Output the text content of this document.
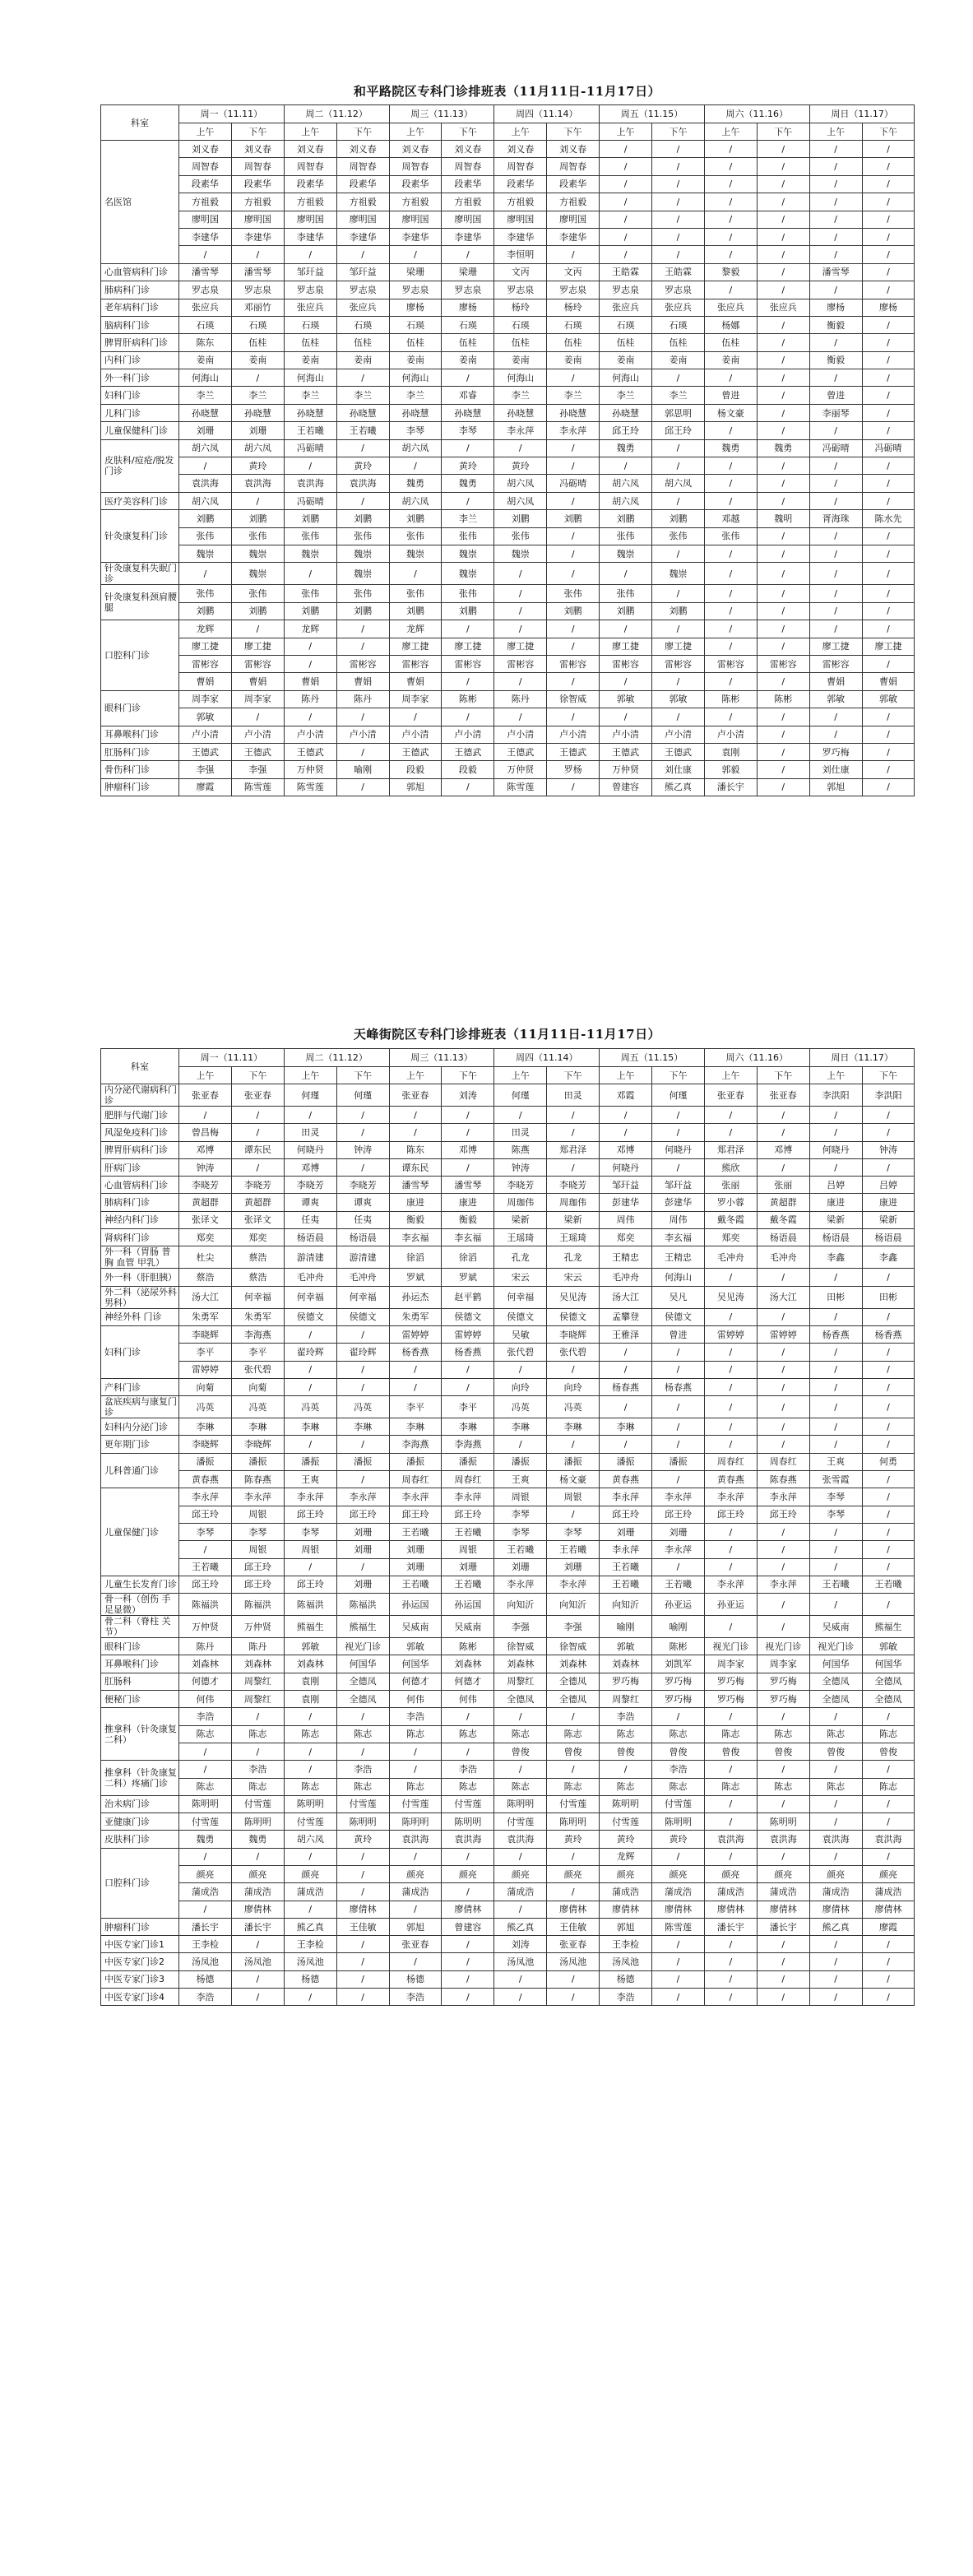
和平路院区专科门诊排班表（11月11日-11月17日）
科室	周一（11.11）		周二（11.12）		周三（11.13）		周四（11.14）		周五（11.15）		周六（11.16）		周日（11.17）	
	上午	下午	上午	下午	上午	下午	上午	下午	上午	下午	上午	下午	上午	下午
名医馆	刘义春	刘义春	刘义春	刘义春	刘义春	刘义春	刘义春	刘义春	/	/	/	/	/	/
	周智春	周智春	周智春	周智春	周智春	周智春	周智春	周智春	/	/	/	/	/	/
	段素华	段素华	段素华	段素华	段素华	段素华	段素华	段素华	/	/	/	/	/	/
	方祖毅	方祖毅	方祖毅	方祖毅	方祖毅	方祖毅	方祖毅	方祖毅	/	/	/	/	/	/
	廖明国	廖明国	廖明国	廖明国	廖明国	廖明国	廖明国	廖明国	/	/	/	/	/	/
	李建华	李建华	李建华	李建华	李建华	李建华	李建华	李建华	/	/	/	/	/	/
	/	/	/	/	/	/	李恒明	/	/	/	/	/	/	/
心血管病科门诊	潘雪琴	潘雪琴	邹玕益	邹玕益	梁珊	梁珊	文丙	文丙	王皓霖	王皓霖	黎毅	/	潘雪琴	/
肺病科门诊	罗志泉	罗志泉	罗志泉	罗志泉	罗志泉	罗志泉	罗志泉	罗志泉	罗志泉	罗志泉	/	/	/	/
老年病科门诊	张应兵	邓丽竹	张应兵	张应兵	廖杨	廖杨	杨玲	杨玲	张应兵	张应兵	张应兵	张应兵	廖杨	廖杨
脑病科门诊	石瑛	石瑛	石瑛	石瑛	石瑛	石瑛	石瑛	石瑛	石瑛	石瑛	杨娜	/	衡毅	/
脾胃肝病科门诊	陈东	伍桂	伍桂	伍桂	伍桂	伍桂	伍桂	伍桂	伍桂	伍桂	伍桂	/	/	/
内科门诊	姜南	姜南	姜南	姜南	姜南	姜南	姜南	姜南	姜南	姜南	姜南	/	衡毅	/
外一科门诊	何海山	/	何海山	/	何海山	/	何海山	/	何海山	/	/	/	/	/
妇科门诊	李兰	李兰	李兰	李兰	李兰	邓睿	李兰	李兰	李兰	李兰	曾进	/	曾进	/
儿科门诊	孙晓慧	孙晓慧	孙晓慧	孙晓慧	孙晓慧	孙晓慧	孙晓慧	孙晓慧	孙晓慧	郭思明	杨文豪	/	李丽琴	/
儿童保健科门诊	刘珊	刘珊	王若曦	王若曦	李琴	李琴	李永萍	李永萍	邱王玲	邱王玲	/	/	/	/
皮肤科/痘疮/脱发门诊	胡六凤	胡六凤	冯砺晴	/	胡六凤	/	/	/	魏勇	/	魏勇	魏勇	冯砺晴	冯砺晴
	/	黄玲	/	黄玲	/	黄玲	黄玲	/	/	/	/	/	/	/
	袁洪海	袁洪海	袁洪海	袁洪海	魏勇	魏勇	胡六凤	冯砺晴	胡六凤	胡六凤	/	/	/	/
医疗美容科门诊	胡六凤	/	冯砺晴	/	胡六凤	/	胡六凤	/	胡六凤	/	/	/	/	/
针灸康复科门诊	刘鹏	刘鹏	刘鹏	刘鹏	刘鹏	李兰	刘鹏	刘鹏	刘鹏	刘鹏	邓越	魏明	胥海珠	陈水先
	张伟	张伟	张伟	张伟	张伟	张伟	张伟	/	张伟	张伟	张伟	/	/	/
	魏崇	魏崇	魏崇	魏崇	魏崇	魏崇	魏崇	/	魏崇	/	/	/	/	/
针灸康复科失眠门诊	/	魏崇	/	魏崇	/	魏崇	/	/	/	魏崇	/	/	/	/
针灸康复科颈肩腰腿	张伟	张伟	张伟	张伟	张伟	张伟	/	张伟	张伟	/	/	/	/	/
	刘鹏	刘鹏	刘鹏	刘鹏	刘鹏	刘鹏	/	刘鹏	刘鹏	刘鹏	/	/	/	/
口腔科门诊	龙辉	/	龙辉	/	龙辉	/	/	/	/	/	/	/	/	/
	廖工捷	廖工捷	/	/	廖工捷	廖工捷	廖工捷	/	廖工捷	廖工捷	/	/	廖工捷	廖工捷
	雷彬容	雷彬容	/	雷彬容	雷彬容	雷彬容	雷彬容	雷彬容	雷彬容	雷彬容	雷彬容	雷彬容	雷彬容	/
	曹娟	曹娟	曹娟	曹娟	曹娟	/	/	/	/	/	/	/	曹娟	曹娟
眼科门诊	周李家	周李家	陈丹	陈丹	周李家	陈彬	陈丹	徐智威	郭敏	郭敏	陈彬	陈彬	郭敏	郭敏
	郭敏	/	/	/	/	/	/	/	/	/	/	/	/	/
耳鼻喉科门诊	卢小清	卢小清	卢小清	卢小清	卢小清	卢小清	卢小清	卢小清	卢小清	卢小清	卢小清	/	/	/
肛肠科门诊	王德武	王德武	王德武	/	王德武	王德武	王德武	王德武	王德武	王德武	袁刚	/	罗巧梅	/
骨伤科门诊	李强	李强	万仲贤	喻刚	段毅	段毅	万仲贤	罗杨	万仲贤	刘仕康	郭毅	/	刘仕康	/
肿瘤科门诊	廖霞	陈雪莲	陈雪莲	/	郭旭	/	陈雪莲	/	曾建容	熊乙真	潘长宇	/	郭旭	/
天峰街院区专科门诊排班表（11月11日-11月17日）
科室	周一（11.11）		周二（11.12）		周三（11.13）		周四（11.14）		周五（11.15）		周六（11.16）		周日（11.17）	
	上午	下午	上午	下午	上午	下午	上午	下午	上午	下午	上午	下午	上午	下午
内分泌代谢病科门诊	张亚春	张亚春	何瑾	何瑾	张亚春	刘涛	何瑾	田灵	邓霞	何瑾	张亚春	张亚春	李洪阳	李洪阳
肥胖与代谢门诊	/	/	/	/	/	/	/	/	/	/	/	/	/	/
风湿免疫科门诊	曾昌梅	/	田灵	/	/	/	田灵	/	/	/	/	/	/	/
脾胃肝病科门诊	邓博	谭东民	何晓丹	钟涛	陈东	邓博	陈燕	郑君泽	邓博	何晓丹	郑君泽	邓博	何晓丹	钟涛
肝病门诊	钟涛	/	邓博	/	谭东民	/	钟涛	/	何晓丹	/	熊欣	/	/	/
心血管病科门诊	李晓芳	李晓芳	李晓芳	李晓芳	潘雪琴	潘雪琴	李晓芳	李晓芳	邹玕益	邹玕益	张丽	张丽	吕婷	吕婷
肺病科门诊	黄超群	黄超群	谭爽	谭爽	康进	康进	周珈伟	周珈伟	彭建华	彭建华	罗小蓉	黄超群	康进	康进
神经内科门诊	张译文	张译文	任夷	任夷	衡毅	衡毅	梁新	梁新	周伟	周伟	戴冬霞	戴冬霞	梁新	梁新
肾病科门诊	郑奕	郑奕	杨语晨	杨语晨	李玄福	李玄福	王瑶琦	王瑶琦	郑奕	李玄福	郑奕	杨语晨	杨语晨	杨语晨
外一科（胃肠 普胸 血管 甲乳）	杜尖	蔡浩	游清建	游清建	徐滔	徐滔	孔龙	孔龙	王精忠	王精忠	毛冲舟	毛冲舟	李鑫	李鑫
外一科（肝胆胰）	蔡浩	蔡浩	毛冲舟	毛冲舟	罗斌	罗斌	宋云	宋云	毛冲舟	何海山	/	/	/	/
外二科（泌尿外科 男科）	汤大江	何幸福	何幸福	何幸福	孙运杰	赵平鹤	何幸福	吴见涛	汤大江	吴凡	吴见涛	汤大江	田彬	田彬
神经外科 门诊	朱勇军	朱勇军	侯德文	侯德文	朱勇军	侯德文	侯德文	侯德文	孟攀登	侯德文	/	/	/	/
妇科门诊	李晓辉	李海燕	/	/	雷婷婷	雷婷婷	吴敏	李晓辉	王雅泽	曾进	雷婷婷	雷婷婷	杨香燕	杨香燕
	李平	李平	翟玲辉	翟玲辉	杨香燕	杨香燕	张代碧	张代碧	/	/	/	/	/	/
	雷婷婷	张代碧	/	/	/	/	/	/	/	/	/	/	/	/
产科门诊	向菊	向菊	/	/	/	/	向玲	向玲	杨春燕	杨春燕	/	/	/	/
盆底疾病与康复门诊	冯英	冯英	冯英	冯英	李平	李平	冯英	冯英	/	/	/	/	/	/
妇科内分泌门诊	李琳	李琳	李琳	李琳	李琳	李琳	李琳	李琳	李琳	/	/	/	/	/
更年期门诊	李晓辉	李晓辉	/	/	李海燕	李海燕	/	/	/	/	/	/	/	/
儿科普通门诊	潘振	潘振	潘振	潘振	潘振	潘振	潘振	潘振	潘振	潘振	周春红	周春红	王爽	何勇
	黄春燕	陈春燕	王爽	/	周春红	周春红	王爽	杨文豪	黄春燕	/	黄春燕	陈春燕	张雪霞	/
儿童保健门诊	李永萍	李永萍	李永萍	李永萍	李永萍	李永萍	周银	周银	李永萍	李永萍	李永萍	李永萍	李琴	/
	邱王玲	周银	邱王玲	邱王玲	邱王玲	邱王玲	李琴	/	邱王玲	邱王玲	邱王玲	邱王玲	李琴	/
	李琴	李琴	李琴	刘珊	王若曦	王若曦	李琴	李琴	刘珊	刘珊	/	/	/	/
	/	周银	周银	刘珊	刘珊	周银	王若曦	王若曦	李永萍	李永萍	/	/	/	/
	王若曦	邱王玲	/	/	刘珊	刘珊	刘珊	刘珊	王若曦	/	/	/	/	/
儿童生长发育门诊	邱王玲	邱王玲	邱王玲	刘珊	王若曦	王若曦	李永萍	李永萍	王若曦	王若曦	李永萍	李永萍	王若曦	王若曦
骨一科（创伤 手足显微）	陈福洪	陈福洪	陈福洪	陈福洪	孙运国	孙运国	向知沂	向知沂	向知沂	孙亚运	孙亚运	/	/	/
骨二科（脊柱 关节）	万仲贤	万仲贤	熊福生	熊福生	吴威南	吴威南	李强	李强	喻刚	喻刚	/	/	吴威南	熊福生
眼科门诊	陈丹	陈丹	郭敏	视光门诊	郭敏	陈彬	徐智威	徐智威	郭敏	陈彬	视光门诊	视光门诊	视光门诊	郭敏
耳鼻喉科门诊	刘森林	刘森林	刘森林	何国华	何国华	刘森林	刘森林	刘森林	刘森林	刘凯军	周李家	周李家	何国华	何国华
肛肠科	何德才	周黎红	袁刚	全德凤	何德才	何德才	周黎红	全德凤	罗巧梅	罗巧梅	罗巧梅	罗巧梅	全德凤	全德凤
便秘门诊	何伟	周黎红	袁刚	全德凤	何伟	何伟	全德凤	全德凤	周黎红	罗巧梅	罗巧梅	罗巧梅	全德凤	全德凤
推拿科（针灸康复二科）	李浩	/	/	/	李浩	/	/	/	李浩	/	/	/	/	/
	陈志	陈志	陈志	陈志	陈志	陈志	陈志	陈志	陈志	陈志	陈志	陈志	陈志	陈志
	/	/	/	/	/	/	曾俊	曾俊	曾俊	曾俊	曾俊	曾俊	曾俊	曾俊
推拿科（针灸康复二科）疼痛门诊	/	李浩	/	李浩	/	李浩	/	/	/	李浩	/	/	/	/
	陈志	陈志	陈志	陈志	陈志	陈志	陈志	陈志	陈志	陈志	陈志	陈志	陈志	陈志
治未病门诊	陈明明	付雪莲	陈明明	付雪莲	付雪莲	付雪莲	陈明明	付雪莲	陈明明	付雪莲	/	/	/	/
亚健康门诊	付雪莲	陈明明	付雪莲	陈明明	陈明明	陈明明	付雪莲	陈明明	付雪莲	陈明明	/	陈明明	/	/
皮肤科门诊	魏勇	魏勇	胡六凤	黄玲	袁洪海	袁洪海	袁洪海	黄玲	黄玲	黄玲	袁洪海	袁洪海	袁洪海	袁洪海
口腔科门诊	/	/	/	/	/	/	/	/	龙辉	/	/	/	/	/
	颜亮	颜亮	颜亮	/	颜亮	颜亮	颜亮	颜亮	颜亮	颜亮	颜亮	颜亮	颜亮	颜亮
	蒲成浩	蒲成浩	蒲成浩	/	蒲成浩	/	蒲成浩	/	蒲成浩	蒲成浩	蒲成浩	蒲成浩	蒲成浩	蒲成浩
	/	廖倩林	/	廖倩林	/	廖倩林	/	廖倩林	廖倩林	廖倩林	廖倩林	廖倩林	廖倩林	廖倩林
肿瘤科门诊	潘长宇	潘长宇	熊乙真	王佳敏	郭旭	曾建容	熊乙真	王佳敏	郭旭	陈雪莲	潘长宇	潘长宇	熊乙真	廖霞
中医专家门诊1	王李检	/	王李检	/	张亚春	/	刘涛	张亚春	王李检	/	/	/	/	/
中医专家门诊2	汤凤池	汤凤池	汤凤池	/	/	/	汤凤池	汤凤池	汤凤池	/	/	/	/	/
中医专家门诊3	杨德	/	杨德	/	杨德	/	/	/	杨德	/	/	/	/	/
中医专家门诊4	李浩	/	/	/	李浩	/	/	/	李浩	/	/	/	/	/
